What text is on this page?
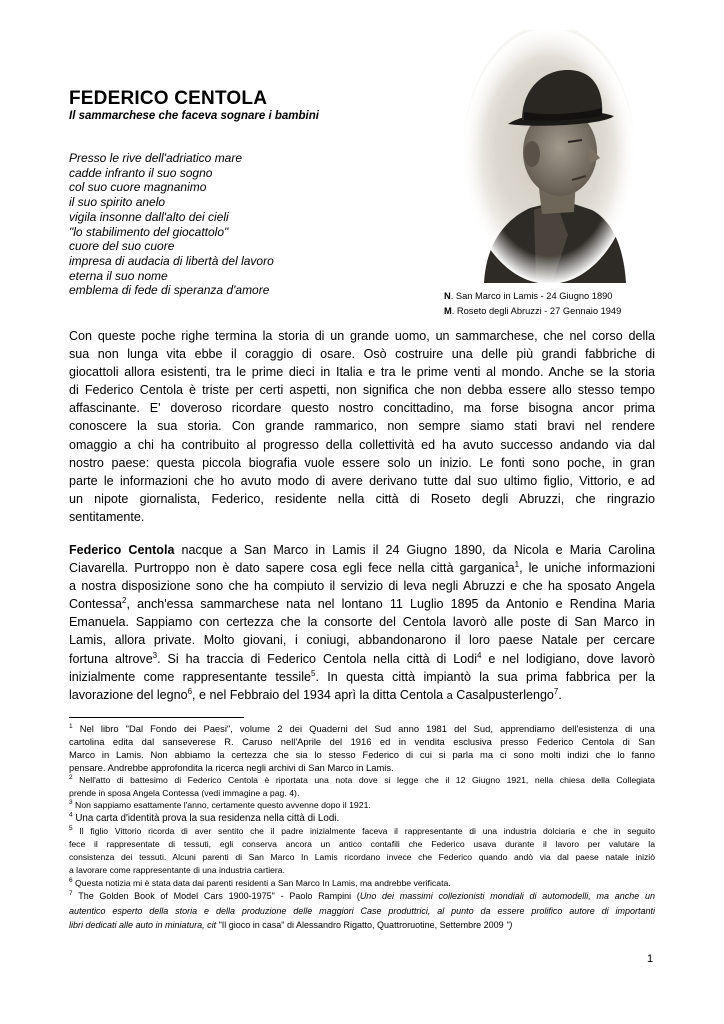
FEDERICO CENTOLA
Il sammarchese che faceva sognare i bambini
Presso le rive dell'adriatico mare
cadde infranto il suo sogno
col suo cuore magnanimo
il suo spirito anelo
vigila insonne dall'alto dei cieli
"lo stabilimento del giocattolo"
cuore del suo cuore
impresa di audacia di libertà del lavoro
eterna il suo nome
emblema di fede di speranza d'amore	N. San Marco in Lamis - 24 Giugno 1890
M. Roseto degli Abruzzi - 27 Gennaio 1949
Con queste poche righe termina la storia di un grande uomo, un sammarchese, che nel corso della
sua non lunga vita ebbe il coraggio di osare. Osò costruire una delle più grandi fabbriche di
giocattoli allora esistenti, tra le prime dieci in Italia e tra le prime venti al mondo. Anche se la storia
di Federico Centola è triste per certi aspetti, non significa che non debba essere allo stesso tempo
affascinante. E' doveroso ricordare questo nostro concittadino, ma forse bisogna ancor prima
conoscere la sua storia. Con grande rammarico, non sempre siamo stati bravi nel rendere
omaggio a chi ha contribuito al progresso della collettività ed ha avuto successo andando via dal
nostro paese: questa piccola biografia vuole essere solo un inizio. Le fonti sono poche, in gran
parte le informazioni che ho avuto modo di avere derivano tutte dal suo ultimo figlio, Vittorio, e ad
un nipote giornalista, Federico, residente nella città di Roseto degli Abruzzi, che ringrazio
sentitamente.
Federico Centola nacque a San Marco in Lamis il 24 Giugno 1890, da Nicola e Maria Carolina
Ciavarella. Purtroppo non è dato sapere cosa egli fece nella città garganica$^1$, le uniche informazioni
a nostra disposizione sono che ha compiuto il servizio di leva negli Abruzzi e che ha sposato Angela
Contessa$^2$, anch'essa sammarchese nata nel lontano 11 Luglio 1895 da Antonio e Rendina Maria
Emanuela. Sappiamo con certezza che la consorte del Centola lavorò alle poste di San Marco in
Lamis, allora private. Molto giovani, i coniugi, abbandonarono il loro paese Natale per cercare
fortuna altrove$^3$. Si ha traccia di Federico Centola nella città di Lodi$^4$ e nel lodigiano, dove lavorò
inizialmente come rappresentante tessile$^5$. In questa città impiantò la sua prima fabbrica per la
lavorazione del legno$^6$, e nel Febbraio del 1934 aprì la ditta Centola a Casalpusterlengo$^7$.
$^1$ Nel libro "Dal Fondo dei Paesi", volume 2 dei Quaderni del Sud anno 1981 del Sud, apprendiamo dell'esistenza di una
cartolina edita dal sanseverese R. Caruso nell'Aprile del 1916 ed in vendita esclusiva presso Federico Centola di San
Marco in Lamis. Non abbiamo la certezza che sia lo stesso Federico di cui si parla ma ci sono molti indizi che lo fanno
pensare. Andrebbe approfondita la ricerca negli archivi di San Marco in Lamis.
$^2$ Nell'atto di battesimo di Federico Centola è riportata una nota dove si legge che il 12 Giugno 1921, nella chiesa della Collegiata
prende in sposa Angela Contessa (vedi immagine a pag. 4).
$^3$ Non sappiamo esattamente l'anno, certamente questo avvenne dopo il 1921.
$^4$ Una carta d'identità prova la sua residenza nella città di Lodi.
$^5$ Il figlio Vittorio ricorda di aver sentito che il padre inizialmente faceva il rappresentante di una industria dolciaria e che in seguito
fece il rappresentate di tessuti, egli conserva ancora un antico contafili che Federico usava durante il lavoro per valutare la
consistenza dei tessuti. Alcuni parenti di San Marco In Lamis ricordano invece che Federico quando andò via dal paese natale iniziò
a lavorare come rappresentante di una industria cartiera.
$^6$ Questa notizia mi è stata data dai parenti residenti a San Marco In Lamis, ma andrebbe verificata.
$^7$ The Golden Book of Model Cars 1900-1975" - Paolo Rampini (Uno dei massimi collezionisti mondiali di automodelli, ma anche un
autentico esperto della storia e della produzione delle maggiori Case produttrici, al punto da essere prolifico autore di importanti
libri dedicati alle auto in miniatura, cit "Il gioco in casa" di Alessandro Rigatto, Quattroruotine, Settembre 2009 ")
1
